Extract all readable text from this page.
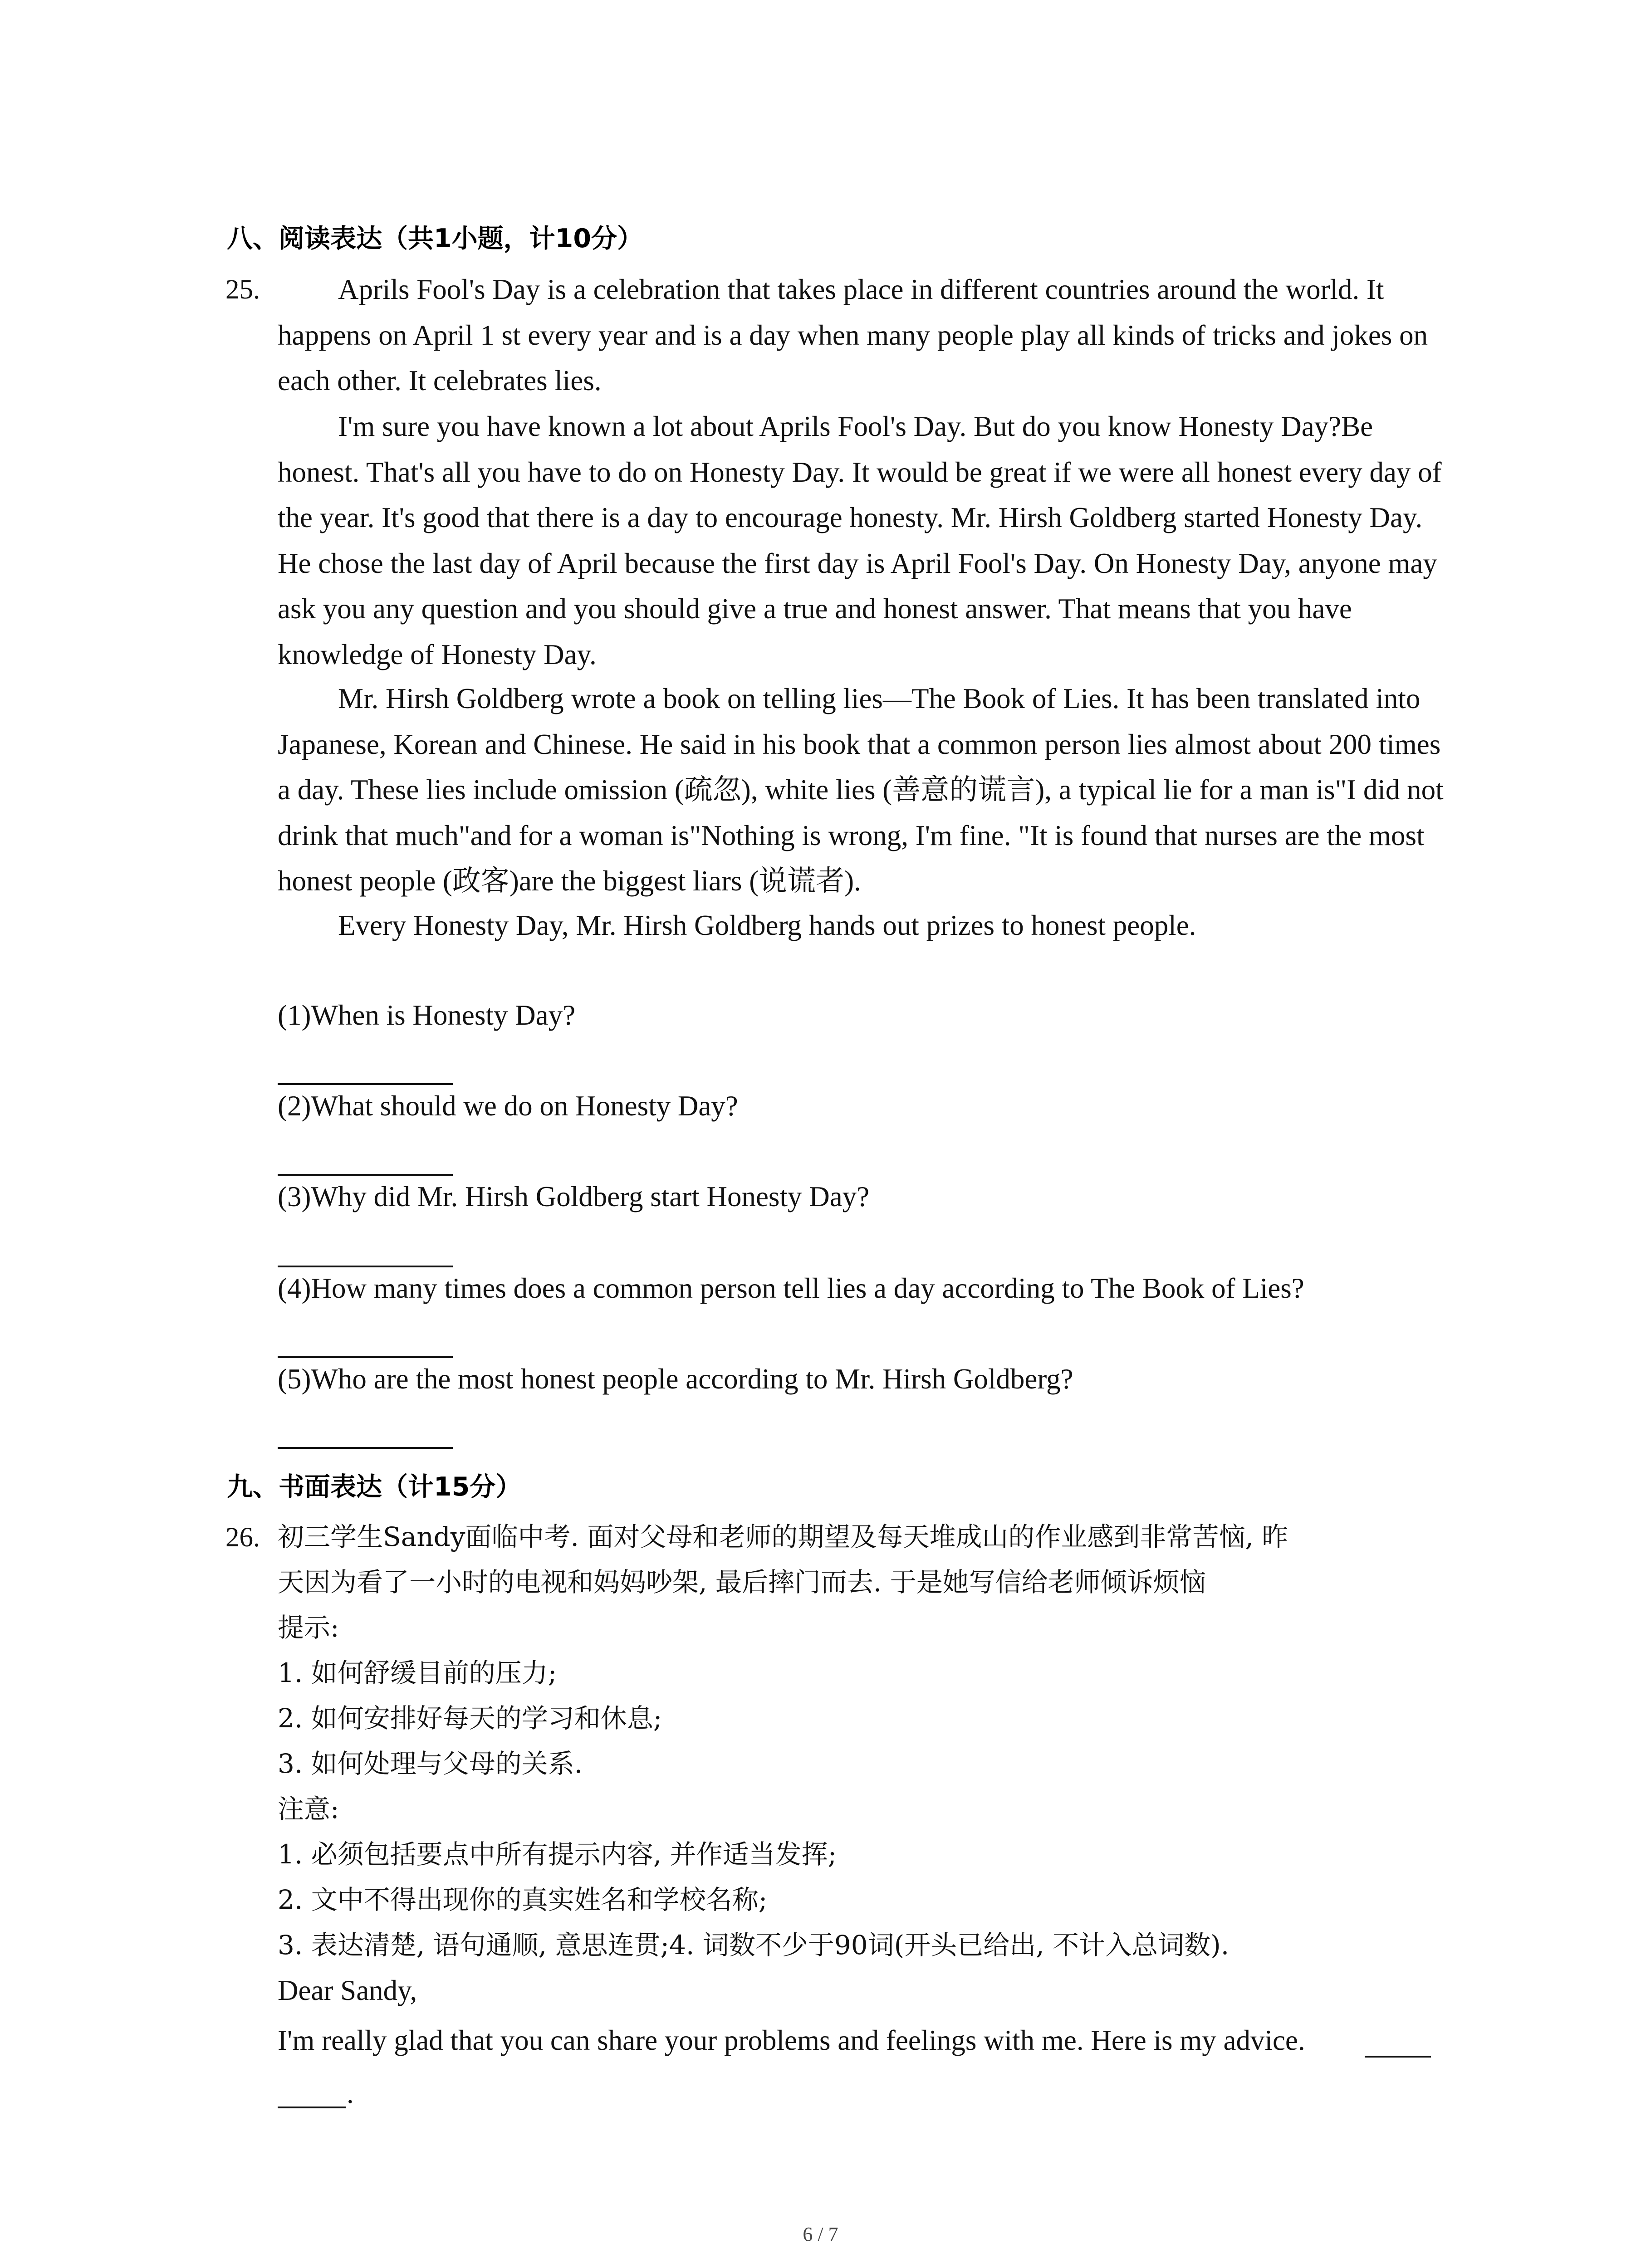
八、阅读表达（共1小题，计10分）
25.	Aprils Fool's Day is a celebration that takes place in different countries around the world. It happens on April 1 st every year and is a day when many people play all kinds of tricks and jokes on each other. It celebrates lies.

I'm sure you have known a lot about Aprils Fool's Day. But do you know Honesty Day?Be honest. That's all you have to do on Honesty Day. It would be great if we were all honest every day of the year. It's good that there is a day to encourage honesty. Mr. Hirsh Goldberg started Honesty Day. He chose the last day of April because the first day is April Fool's Day. On Honesty Day, anyone may ask you any question and you should give a true and honest answer. That means that you have knowledge of Honesty Day.

Mr. Hirsh Goldberg wrote a book on telling lies—The Book of Lies. It has been translated into Japanese, Korean and Chinese. He said in his book that a common person lies almost about 200 times a day. These lies include omission (疏忽), white lies (善意的谎言), a typical lie for a man is"I did not drink that much"and for a woman is"Nothing is wrong, I'm fine. "It is found that nurses are the most honest people (政客)are the biggest liars (说谎者).

Every Honesty Day, Mr. Hirsh Goldberg hands out prizes to honest people.

(1)When is Honesty Day?
(2)What should we do on Honesty Day?
(3)Why did Mr. Hirsh Goldberg start Honesty Day?
(4)How many times does a common person tell lies a day according to The Book of Lies?
(5)Who are the most honest people according to Mr. Hirsh Goldberg?
九、书面表达（计15分）
26. 初三学生Sandy面临中考. 面对父母和老师的期望及每天堆成山的作业感到非常苦恼, 昨
天因为看了一小时的电视和妈妈吵架, 最后摔门而去. 于是她写信给老师倾诉烦恼
提示:
1. 如何舒缓目前的压力;
2. 如何安排好每天的学习和休息;
3. 如何处理与父母的关系.
注意:
1. 必须包括要点中所有提示内容, 并作适当发挥;
2. 文中不得出现你的真实姓名和学校名称;
3. 表达清楚, 语句通顺, 意思连贯;4. 词数不少于90词(开头已给出, 不计入总词数).
Dear Sandy,
I'm really glad that you can share your problems and feelings with me. Here is my advice.
.
6 / 7
